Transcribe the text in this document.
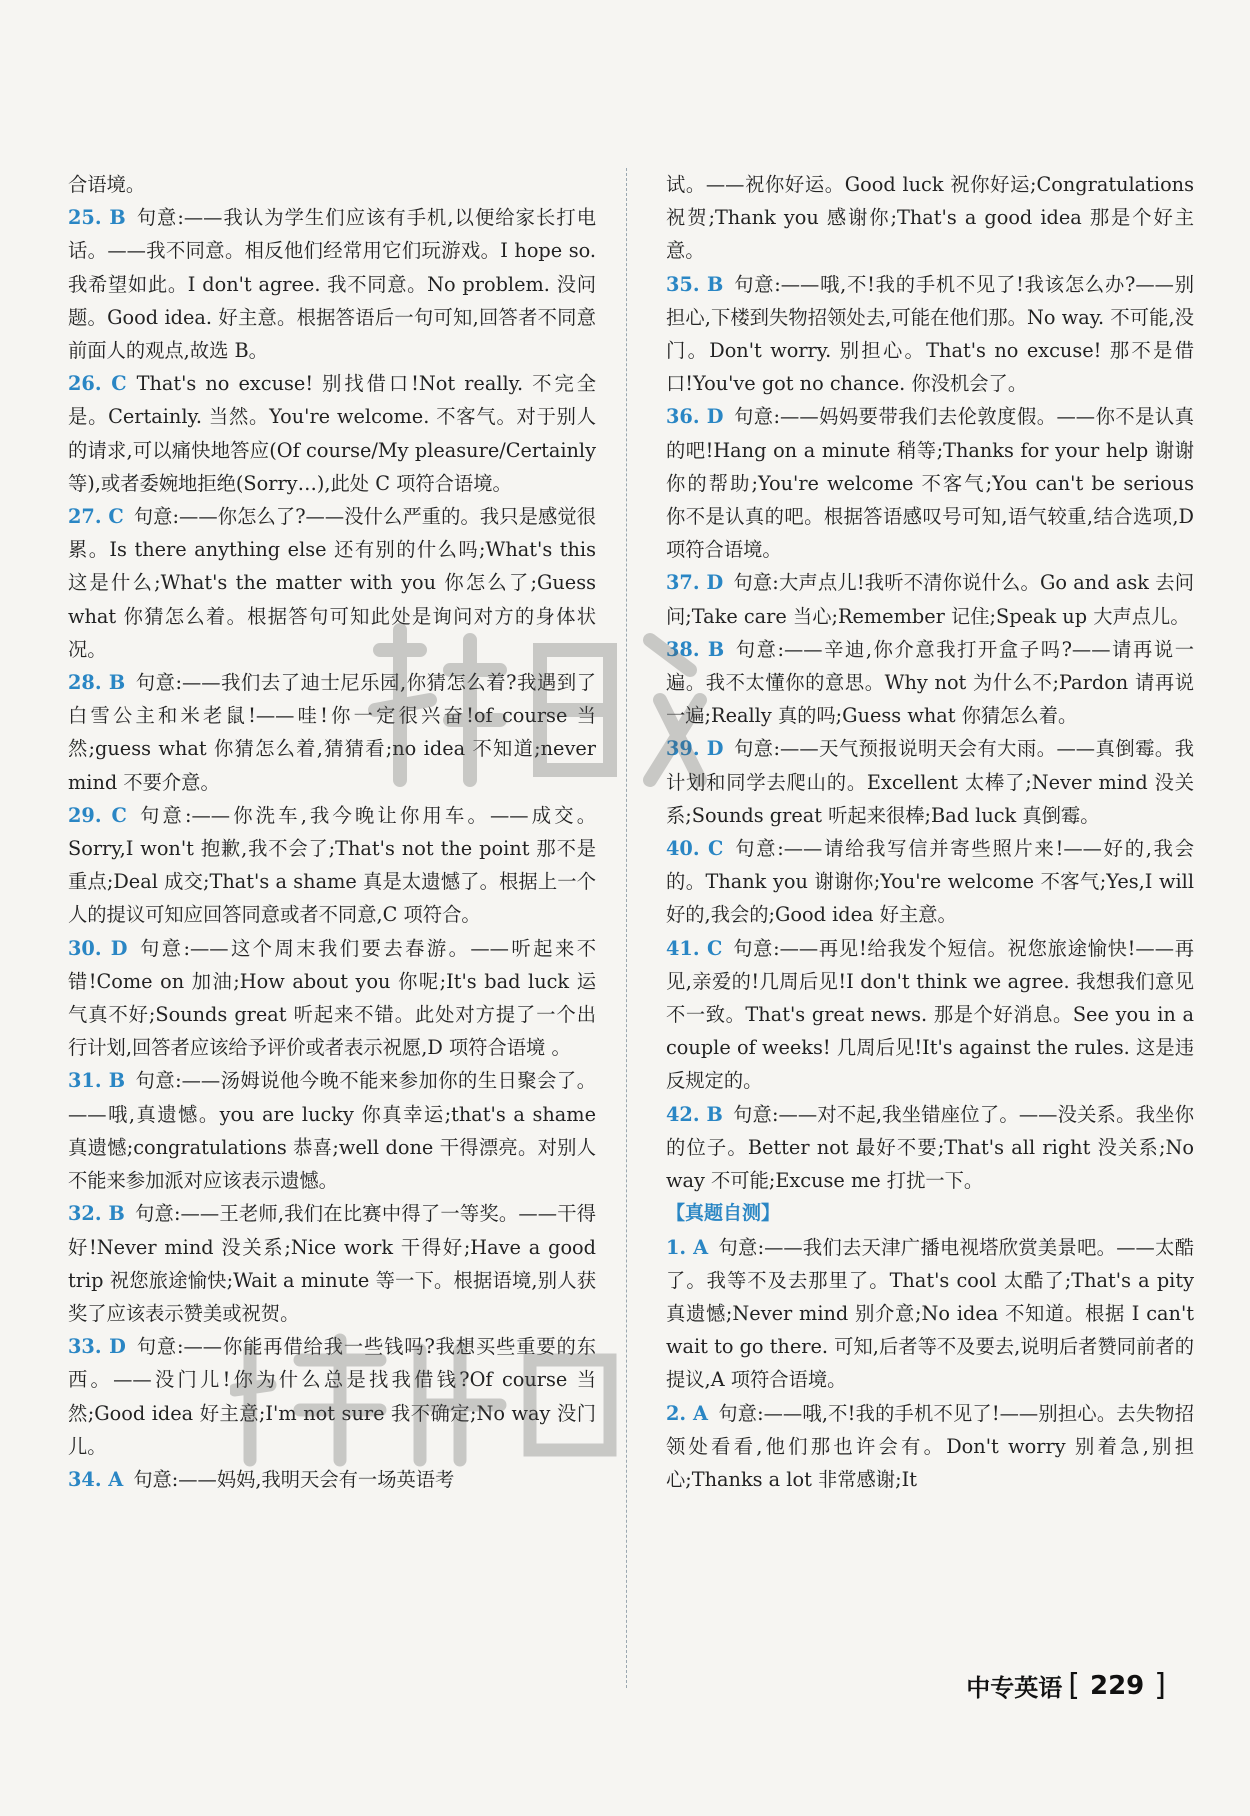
合语境。

25. B 句意:——我认为学生们应该有手机,以便给家长打电话。——我不同意。相反他们经常用它们玩游戏。I hope so. 我希望如此。I don't agree. 我不同意。No problem. 没问题。Good idea. 好主意。根据答语后一句可知,回答者不同意前面人的观点,故选 B。

26. C That's no excuse! 别找借口!Not really. 不完全是。Certainly. 当然。You're welcome. 不客气。对于别人的请求,可以痛快地答应(Of course/My pleasure/Certainly 等),或者委婉地拒绝(Sorry…),此处 C 项符合语境。

27. C 句意:——你怎么了?——没什么严重的。我只是感觉很累。Is there anything else 还有别的什么吗;What's this 这是什么;What's the matter with you 你怎么了;Guess what 你猜怎么着。根据答句可知此处是询问对方的身体状况。

28. B 句意:——我们去了迪士尼乐园,你猜怎么着?我遇到了白雪公主和米老鼠!——哇!你一定很兴奋!of course 当然;guess what 你猜怎么着,猜猜看;no idea 不知道;never mind 不要介意。

29. C 句意:——你洗车,我今晚让你用车。——成交。Sorry,I won't 抱歉,我不会了;That's not the point 那不是重点;Deal 成交;That's a shame 真是太遗憾了。根据上一个人的提议可知应回答同意或者不同意,C 项符合。

30. D 句意:——这个周末我们要去春游。——听起来不错!Come on 加油;How about you 你呢;It's bad luck 运气真不好;Sounds great 听起来不错。此处对方提了一个出行计划,回答者应该给予评价或者表示祝愿,D 项符合语境 。

31. B 句意:——汤姆说他今晚不能来参加你的生日聚会了。——哦,真遗憾。you are lucky 你真幸运;that's a shame 真遗憾;congratulations 恭喜;well done 干得漂亮。对别人不能来参加派对应该表示遗憾。

32. B 句意:——王老师,我们在比赛中得了一等奖。——干得好!Never mind 没关系;Nice work 干得好;Have a good trip 祝您旅途愉快;Wait a minute 等一下。根据语境,别人获奖了应该表示赞美或祝贺。

33. D 句意:——你能再借给我一些钱吗?我想买些重要的东西。——没门儿!你为什么总是找我借钱?Of course 当然;Good idea 好主意;I'm not sure 我不确定;No way 没门儿。

34. A 句意:——妈妈,我明天会有一场英语考

试。——祝你好运。Good luck 祝你好运;Congratulations 祝贺;Thank you 感谢你;That's a good idea 那是个好主意。

35. B 句意:——哦,不!我的手机不见了!我该怎么办?——别担心,下楼到失物招领处去,可能在他们那。No way. 不可能,没门。Don't worry. 别担心。That's no excuse! 那不是借口!You've got no chance. 你没机会了。

36. D 句意:——妈妈要带我们去伦敦度假。——你不是认真的吧!Hang on a minute 稍等;Thanks for your help 谢谢你的帮助;You're welcome 不客气;You can't be serious 你不是认真的吧。根据答语感叹号可知,语气较重,结合选项,D 项符合语境。

37. D 句意:大声点儿!我听不清你说什么。Go and ask 去问问;Take care 当心;Remember 记住;Speak up 大声点儿。

38. B 句意:——辛迪,你介意我打开盒子吗?——请再说一遍。我不太懂你的意思。Why not 为什么不;Pardon 请再说一遍;Really 真的吗;Guess what 你猜怎么着。

39. D 句意:——天气预报说明天会有大雨。——真倒霉。我计划和同学去爬山的。Excellent 太棒了;Never mind 没关系;Sounds great 听起来很棒;Bad luck 真倒霉。

40. C 句意:——请给我写信并寄些照片来!——好的,我会的。Thank you 谢谢你;You're welcome 不客气;Yes,I will 好的,我会的;Good idea 好主意。

41. C 句意:——再见!给我发个短信。祝您旅途愉快!——再见,亲爱的!几周后见!I don't think we agree. 我想我们意见不一致。That's great news. 那是个好消息。See you in a couple of weeks! 几周后见!It's against the rules. 这是违反规定的。

42. B 句意:——对不起,我坐错座位了。——没关系。我坐你的位子。Better not 最好不要;That's all right 没关系;No way 不可能;Excuse me 打扰一下。

【真题自测】

1. A 句意:——我们去天津广播电视塔欣赏美景吧。——太酷了。我等不及去那里了。That's cool 太酷了;That's a pity 真遗憾;Never mind 别介意;No idea 不知道。根据 I can't wait to go there. 可知,后者等不及要去,说明后者赞同前者的提议,A 项符合语境。

2. A 句意:——哦,不!我的手机不见了!——别担心。去失物招领处看看,他们那也许会有。Don't worry 别着急,别担心;Thanks a lot 非常感谢;It

中专英语 [ 229 ]
